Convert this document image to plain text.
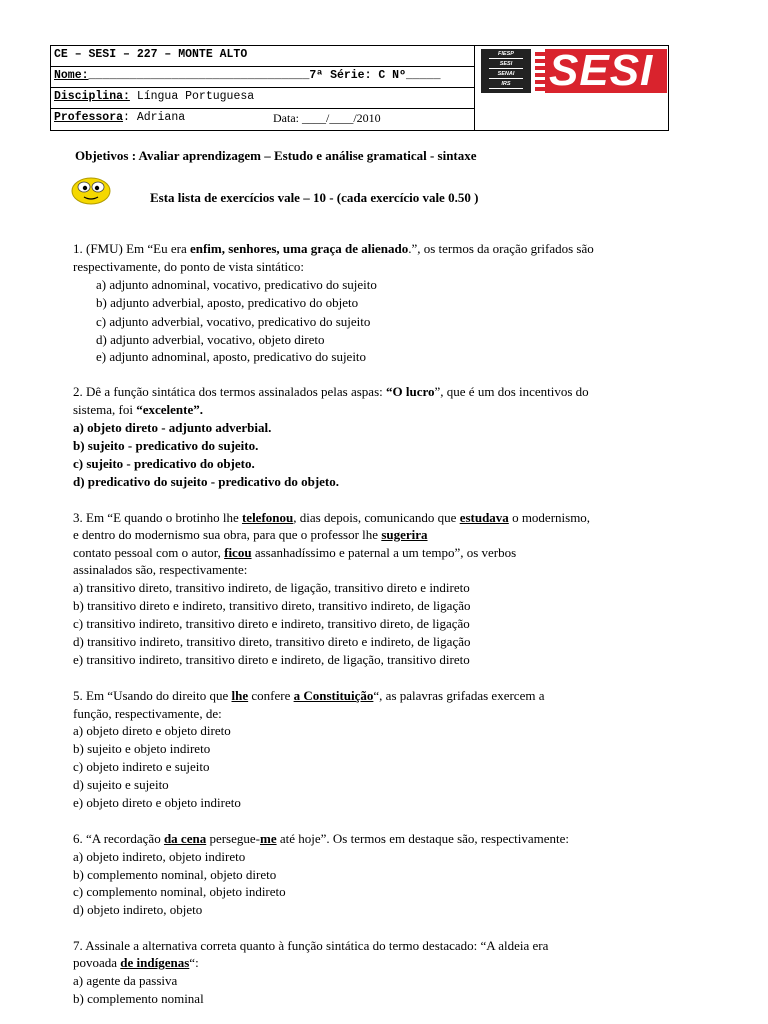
CE – SESI – 227 – MONTE ALTO
Nome:________________________________7ª Série: C Nº_____
Disciplina: Língua Portuguesa
Professora: Adriana	Data: ____/____/2010
FIESP
SESI
SENAI
IRS SESI
Objetivos : Avaliar aprendizagem – Estudo e análise gramatical - sintaxe
Esta lista de exercícios vale – 10 - (cada exercício vale 0.50 )
1. (FMU) Em “Eu era enfim, senhores, uma graça de alienado.”, os termos da oração grifados são
respectivamente, do ponto de vista sintático:
a) adjunto adnominal, vocativo, predicativo do sujeito
b) adjunto adverbial, aposto, predicativo do objeto
c) adjunto adverbial, vocativo, predicativo do sujeito
d) adjunto adverbial, vocativo, objeto direto
e) adjunto adnominal, aposto, predicativo do sujeito
2. Dê a função sintática dos termos assinalados pelas aspas: “O lucro”, que é um dos incentivos do
sistema, foi “excelente”.
a) objeto direto - adjunto adverbial.
b) sujeito - predicativo do sujeito.
c) sujeito - predicativo do objeto.
d) predicativo do sujeito - predicativo do objeto.
3. Em “E quando o brotinho lhe telefonou, dias depois, comunicando que estudava o modernismo,
e dentro do modernismo sua obra, para que o professor lhe sugerira
contato pessoal com o autor, ficou assanhadíssimo e paternal a um tempo”, os verbos
assinalados são, respectivamente:
a) transitivo direto, transitivo indireto, de ligação, transitivo direto e indireto
b) transitivo direto e indireto, transitivo direto, transitivo indireto, de ligação
c) transitivo indireto, transitivo direto e indireto, transitivo direto, de ligação
d) transitivo indireto, transitivo direto, transitivo direto e indireto, de ligação
e) transitivo indireto, transitivo direto e indireto, de ligação, transitivo direto
5. Em “Usando do direito que lhe confere a Constituição“, as palavras grifadas exercem a
função, respectivamente, de:
a) objeto direto e objeto direto
b) sujeito e objeto indireto
c) objeto indireto e sujeito
d) sujeito e sujeito
e) objeto direto e objeto indireto
6. “A recordação da cena persegue-me até hoje”. Os termos em destaque são, respectivamente:
a) objeto indireto, objeto indireto
b) complemento nominal, objeto direto
c) complemento nominal, objeto indireto
d) objeto indireto, objeto
7. Assinale a alternativa correta quanto à função sintática do termo destacado: “A aldeia era
povoada de indígenas“:
a) agente da passiva
b) complemento nominal
